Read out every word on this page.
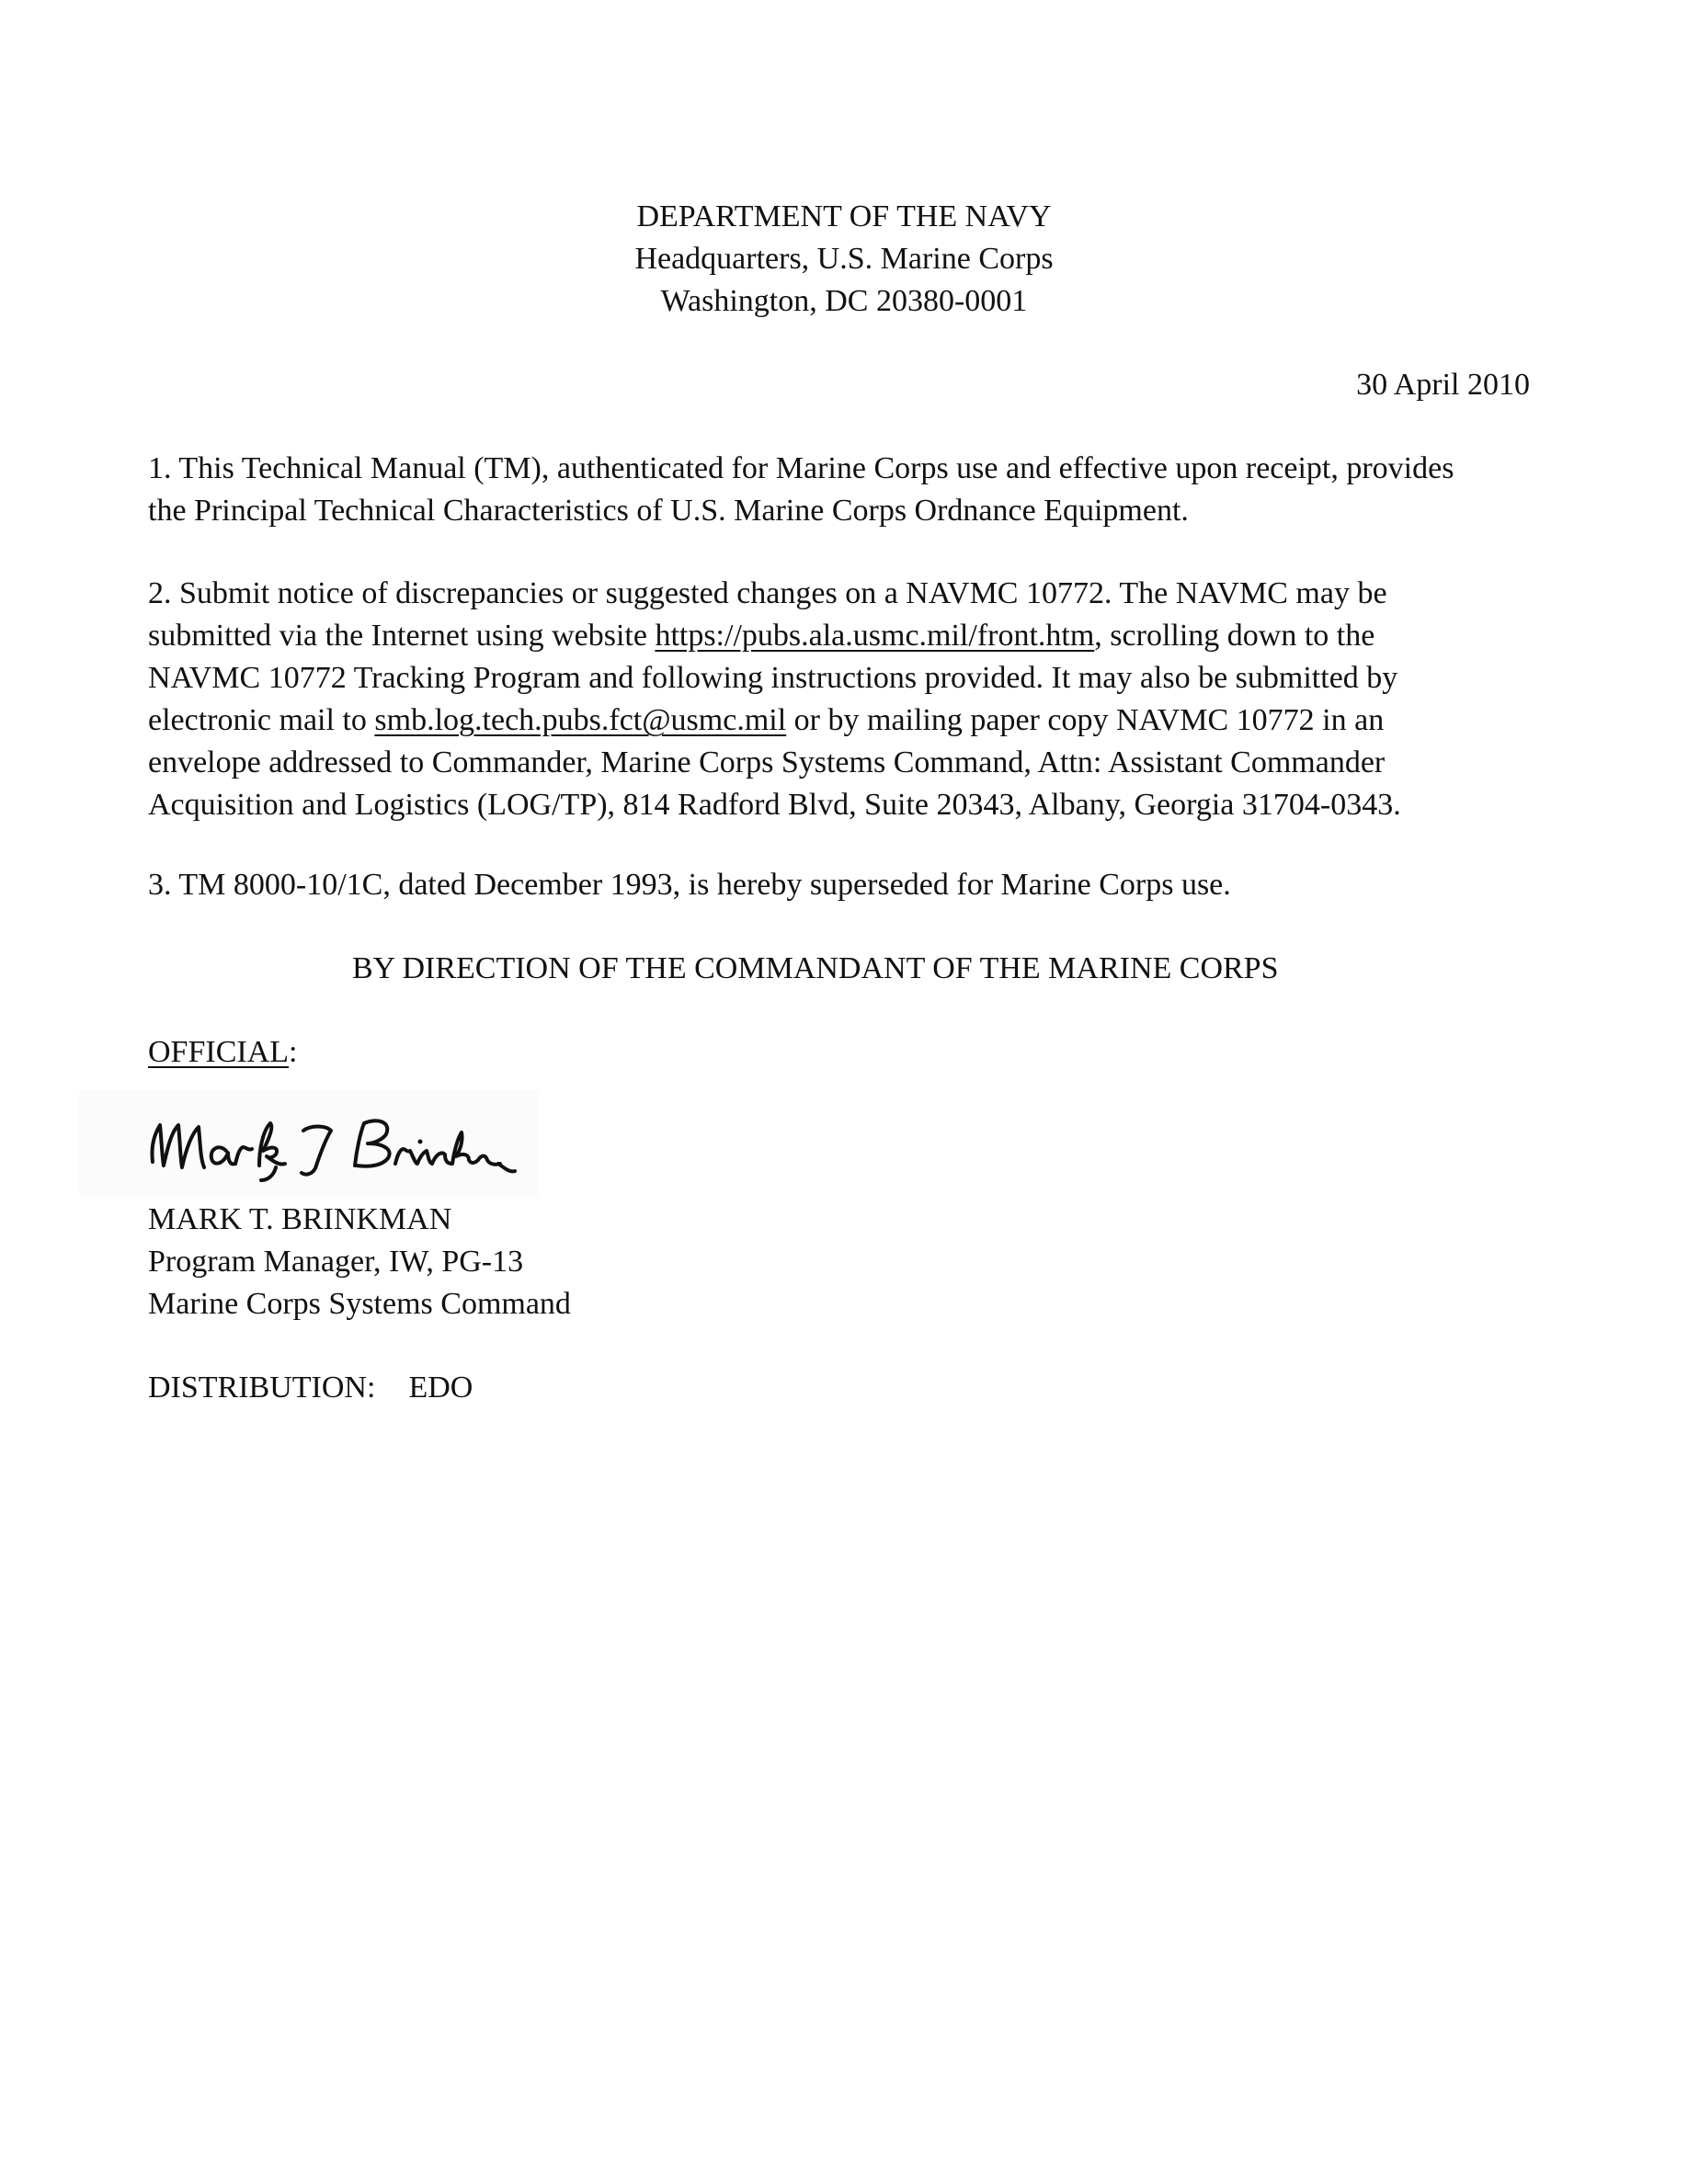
DEPARTMENT OF THE NAVY
Headquarters, U.S. Marine Corps
Washington, DC 20380-0001
30 April 2010
1. This Technical Manual (TM), authenticated for Marine Corps use and effective upon receipt, provides
the Principal Technical Characteristics of U.S. Marine Corps Ordnance Equipment.
2. Submit notice of discrepancies or suggested changes on a NAVMC 10772. The NAVMC may be
submitted via the Internet using website https://pubs.ala.usmc.mil/front.htm, scrolling down to the
NAVMC 10772 Tracking Program and following instructions provided. It may also be submitted by
electronic mail to smb.log.tech.pubs.fct@usmc.mil or by mailing paper copy NAVMC 10772 in an
envelope addressed to Commander, Marine Corps Systems Command, Attn: Assistant Commander
Acquisition and Logistics (LOG/TP), 814 Radford Blvd, Suite 20343, Albany, Georgia 31704-0343.
3. TM 8000-10/1C, dated December 1993, is hereby superseded for Marine Corps use.
BY DIRECTION OF THE COMMANDANT OF THE MARINE CORPS
OFFICIAL:
MARK T. BRINKMAN
Program Manager, IW, PG-13
Marine Corps Systems Command
DISTRIBUTION: EDO
